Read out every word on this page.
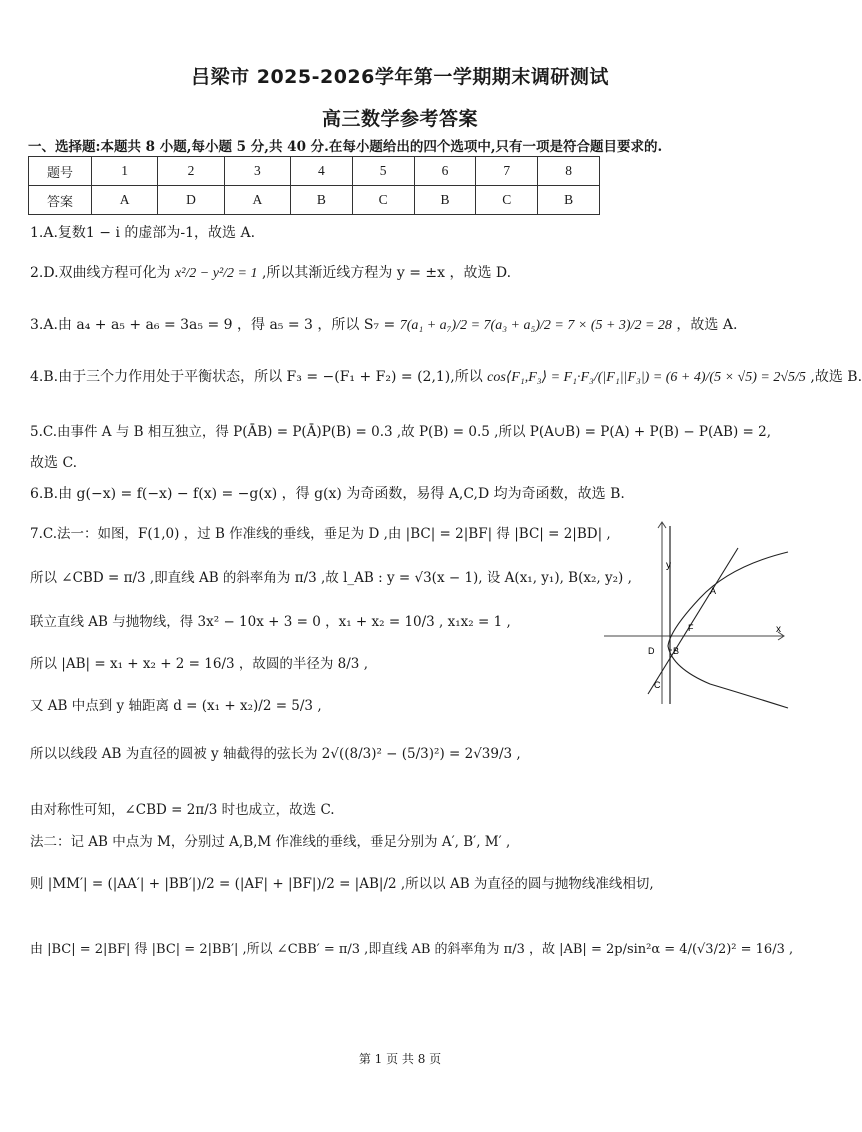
吕梁市 2025-2026学年第一学期期末调研测试
高三数学参考答案
一、选择题:本题共 8 小题,每小题 5 分,共 40 分.在每小题给出的四个选项中,只有一项是符合题目要求的.
题号	1	2	3	4	5	6	7	8
答案	A	D	A	B	C	B	C	B
1.A.复数1 − i 的虚部为-1，故选 A.
2.D.双曲线方程可化为 x²/2 − y²/2 = 1 ,所以其渐近线方程为 y = ±x ，故选 D.
3.A.由 a₄ + a₅ + a₆ = 3a₅ = 9 ，得 a₅ = 3 ，所以 S₇ = 7(a₁ + a₇)/2 = 7(a₃ + a₅)/2 = 7 × (5 + 3)/2 = 28 ，故选 A.
4.B.由于三个力作用处于平衡状态，所以 F₃ = −(F₁ + F₂) = (2,1),所以 cos⟨F₁,F₃⟩ = F₁·F₃/(|F₁||F₃|) = (6 + 4)/(5 × √5) = 2√5/5 ,故选 B.
5.C.由事件 A 与 B 相互独立，得 P(ĀB) = P(Ā)P(B) = 0.3 ,故 P(B) = 0.5 ,所以 P(A∪B) = P(A) + P(B) − P(AB) = 2,
故选 C.
6.B.由 g(−x) = f(−x) − f(x) = −g(x) ，得 g(x) 为奇函数，易得 A,C,D 均为奇函数，故选 B.
7.C.法一：如图，F(1,0) ，过 B 作准线的垂线，垂足为 D ,由 |BC| = 2|BF| 得 |BC| = 2|BD| ,
所以 ∠CBD = π/3 ,即直线 AB 的斜率角为 π/3 ,故 l_AB : y = √3(x − 1), 设 A(x₁, y₁), B(x₂, y₂) ,
联立直线 AB 与抛物线，得 3x² − 10x + 3 = 0 ，x₁ + x₂ = 10/3 , x₁x₂ = 1 ,
所以 |AB| = x₁ + x₂ + 2 = 16/3 ，故圆的半径为 8/3 ,
又 AB 中点到 y 轴距离 d = (x₁ + x₂)/2 = 5/3 ,
所以以线段 AB 为直径的圆被 y 轴截得的弦长为 2√((8/3)² − (5/3)²) = 2√39/3 ,
由对称性可知，∠CBD = 2π/3 时也成立，故选 C.
法二：记 AB 中点为 M，分别过 A,B,M 作准线的垂线，垂足分别为 A′, B′, M′ ,
则 |MM′| = (|AA′| + |BB′|)/2 = (|AF| + |BF|)/2 = |AB|/2 ,所以以 AB 为直径的圆与抛物线准线相切,
由 |BC| = 2|BF| 得 |BC| = 2|BB′| ,所以 ∠CBB′ = π/3 ,即直线 AB 的斜率角为 π/3 ，故 |AB| = 2p/sin²α = 4/(√3/2)² = 16/3 ,
y
x
A
F
D B
C
第 1 页 共 8 页
